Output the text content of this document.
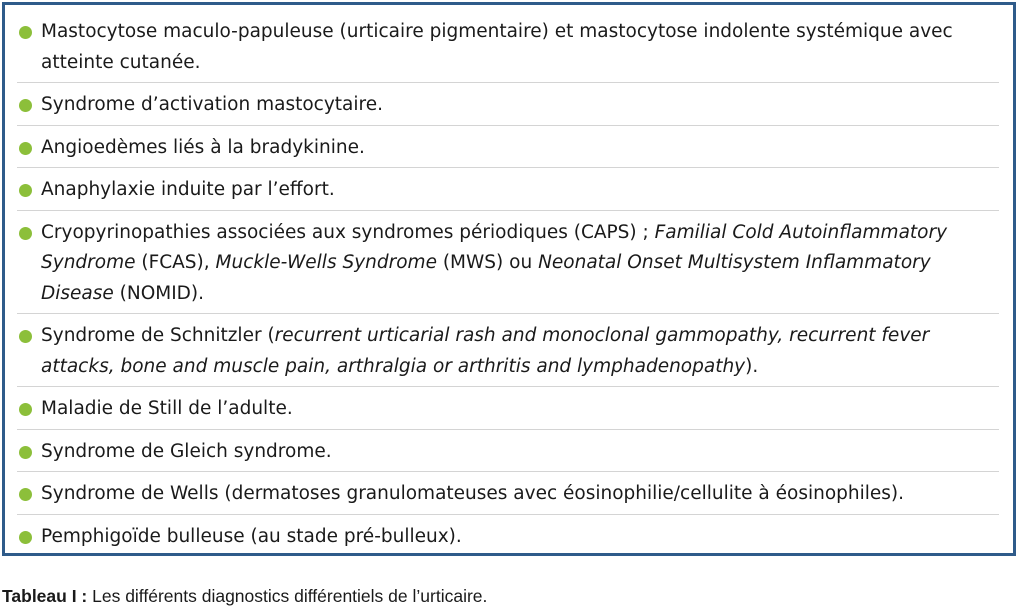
Mastocytose maculo-papuleuse (urticaire pigmentaire) et mastocytose indolente systémique avec atteinte cutanée.
Syndrome d’activation mastocytaire.
Angioedèmes liés à la bradykinine.
Anaphylaxie induite par l’effort.
Cryopyrinopathies associées aux syndromes périodiques (CAPS) ; Familial Cold Autoinflammatory Syndrome (FCAS), Muckle-Wells Syndrome (MWS) ou Neonatal Onset Multisystem Inflammatory Disease (NOMID).
Syndrome de Schnitzler (recurrent urticarial rash and monoclonal gammopathy, recurrent fever attacks, bone and muscle pain, arthralgia or arthritis and lymphadenopathy).
Maladie de Still de l’adulte.
Syndrome de Gleich syndrome.
Syndrome de Wells (dermatoses granulomateuses avec éosinophilie/cellulite à éosinophiles).
Pemphigoïde bulleuse (au stade pré-bulleux).
Tableau I : Les différents diagnostics différentiels de l’urticaire.
